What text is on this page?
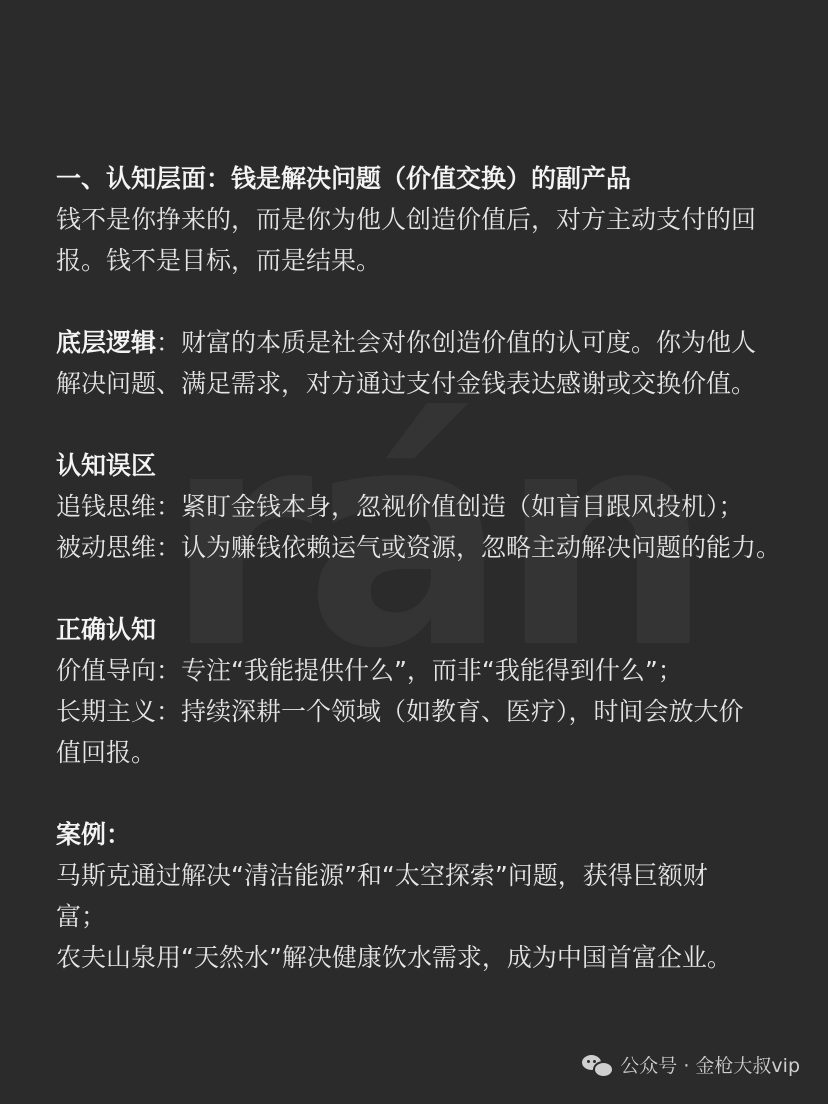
一、认知层面：钱是解决问题（价值交换）的副产品
钱不是你挣来的，而是你为他人创造价值后，对方主动支付的回
报。钱不是目标，而是结果。
底层逻辑：财富的本质是社会对你创造价值的认可度。你为他人
解决问题、满足需求，对方通过支付金钱表达感谢或交换价值。
认知误区
追钱思维：紧盯金钱本身，忽视价值创造（如盲目跟风投机）；
被动思维：认为赚钱依赖运气或资源，忽略主动解决问题的能力。
正确认知
价值导向：专注“我能提供什么”，而非“我能得到什么”；
长期主义：持续深耕一个领域（如教育、医疗），时间会放大价
值回报。
案例：
马斯克通过解决“清洁能源”和“太空探索”问题，获得巨额财
富；
农夫山泉用“天然水”解决健康饮水需求，成为中国首富企业。
公众号 · 金枪大叔vip
